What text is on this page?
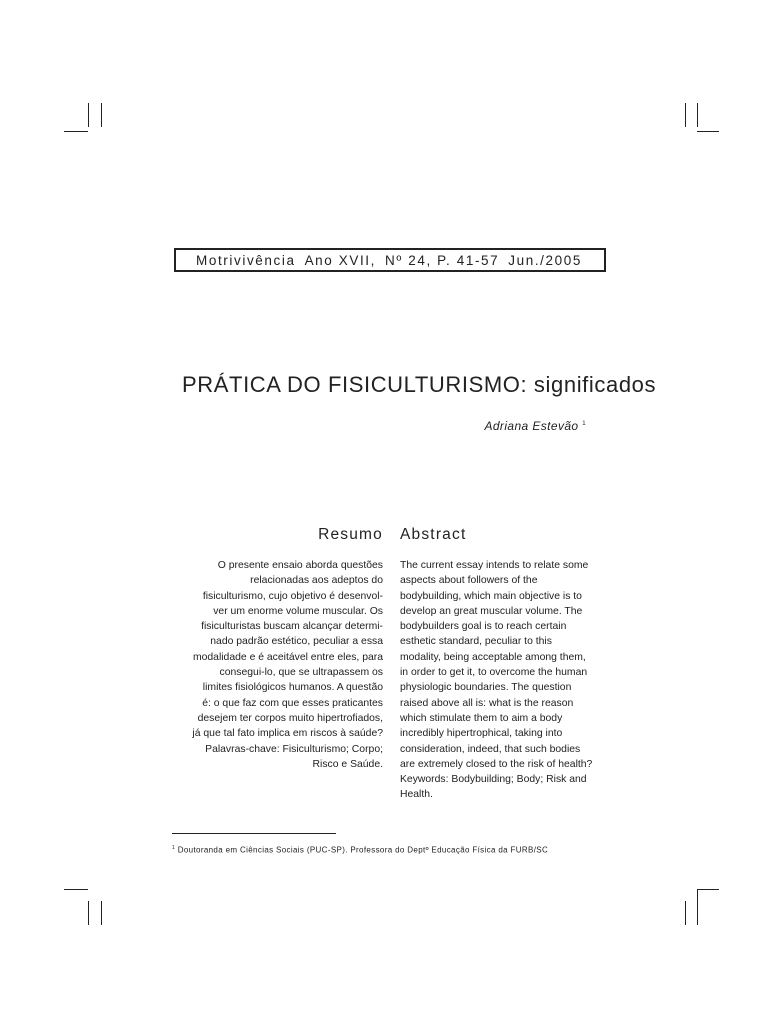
Motrivivência Ano XVII, Nº 24, P. 41-57 Jun./2005
PRÁTICA DO FISICULTURISMO: significados
Adriana Estevão $^1$
Resumo Abstract
O presente ensaio aborda questões
relacionadas aos adeptos do
fisiculturismo, cujo objetivo é desenvol-
ver um enorme volume muscular. Os
fisiculturistas buscam alcançar determi-
nado padrão estético, peculiar a essa
modalidade e é aceitável entre eles, para
consegui-lo, que se ultrapassem os
limites fisiológicos humanos. A questão
é: o que faz com que esses praticantes
desejem ter corpos muito hipertrofiados,
já que tal fato implica em riscos à saúde?
Palavras-chave: Fisiculturismo; Corpo;
Risco e Saúde.
The current essay intends to relate some
aspects about followers of the
bodybuilding, which main objective is to
develop an great muscular volume. The
bodybuilders goal is to reach certain
esthetic standard, peculiar to this
modality, being acceptable among them,
in order to get it, to overcome the human
physiologic boundaries. The question
raised above all is: what is the reason
which stimulate them to aim a body
incredibly hipertrophical, taking into
consideration, indeed, that such bodies
are extremely closed to the risk of health?
Keywords: Bodybuilding; Body; Risk and
Health.
$^1$ Doutoranda em Ciências Sociais (PUC-SP). Professora do Deptº Educação Física da FURB/SC
